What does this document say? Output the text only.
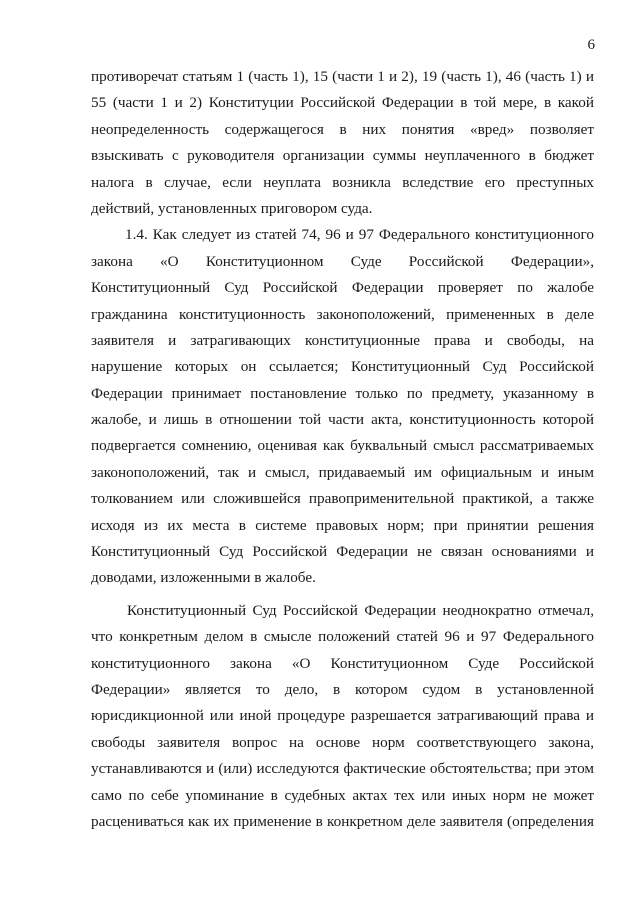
6
противоречат статьям 1 (часть 1), 15 (части 1 и 2), 19 (часть 1), 46 (часть 1) и
55 (части 1 и 2) Конституции Российской Федерации в той мере, в какой
неопределенность содержащегося в них понятия «вред» позволяет
взыскивать с руководителя организации суммы неуплаченного в бюджет
налога в случае, если неуплата возникла вследствие его преступных
действий, установленных приговором суда.
1.4. Как следует из статей 74, 96 и 97 Федерального конституционного
закона «О Конституционном Суде Российской Федерации»,
Конституционный Суд Российской Федерации проверяет по жалобе
гражданина конституционность законоположений, примененных в деле
заявителя и затрагивающих конституционные права и свободы, на
нарушение которых он ссылается; Конституционный Суд Российской
Федерации принимает постановление только по предмету, указанному в
жалобе, и лишь в отношении той части акта, конституционность которой
подвергается сомнению, оценивая как буквальный смысл рассматриваемых
законоположений, так и смысл, придаваемый им официальным и иным
толкованием или сложившейся правоприменительной практикой, а также
исходя из их места в системе правовых норм; при принятии решения
Конституционный Суд Российской Федерации не связан основаниями и
доводами, изложенными в жалобе.
Конституционный Суд Российской Федерации неоднократно отмечал,
что конкретным делом в смысле положений статей 96 и 97 Федерального
конституционного закона «О Конституционном Суде Российской
Федерации» является то дело, в котором судом в установленной
юрисдикционной или иной процедуре разрешается затрагивающий права и
свободы заявителя вопрос на основе норм соответствующего закона,
устанавливаются и (или) исследуются фактические обстоятельства; при этом
само по себе упоминание в судебных актах тех или иных норм не может
расцениваться как их применение в конкретном деле заявителя (определения
